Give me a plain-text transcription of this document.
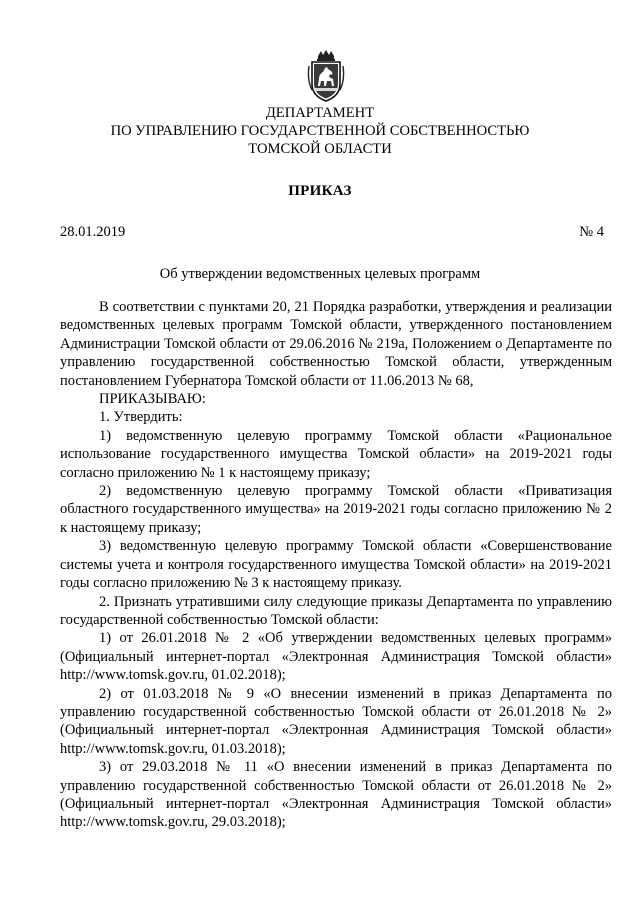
ДЕПАРТАМЕНТ
ПО УПРАВЛЕНИЮ ГОСУДАРСТВЕННОЙ СОБСТВЕННОСТЬЮ
ТОМСКОЙ ОБЛАСТИ
ПРИКАЗ
28.01.2019	№ 4
Об утверждении ведомственных целевых программ

В соответствии с пунктами 20, 21 Порядка разработки, утверждения и реализации ведомственных целевых программ Томской области, утвержденного постановлением Администрации Томской области от 29.06.2016 № 219а, Положением о Департаменте по управлению государственной собственностью Томской области, утвержденным постановлением Губернатора Томской области от 11.06.2013 № 68,

ПРИКАЗЫВАЮ:

1. Утвердить:

1) ведомственную целевую программу Томской области «Рациональное использование государственного имущества Томской области» на 2019-2021 годы согласно приложению № 1 к настоящему приказу;

2) ведомственную целевую программу Томской области «Приватизация областного государственного имущества» на 2019-2021 годы согласно приложению № 2 к настоящему приказу;

3) ведомственную целевую программу Томской области «Совершенствование системы учета и контроля государственного имущества Томской области» на 2019-2021 годы согласно приложению № 3 к настоящему приказу.

2. Признать утратившими силу следующие приказы Департамента по управлению государственной собственностью Томской области:

1) от 26.01.2018 № 2 «Об утверждении ведомственных целевых программ» (Официальный интернет-портал «Электронная Администрация Томской области» http://www.tomsk.gov.ru, 01.02.2018);

2) от 01.03.2018 № 9 «О внесении изменений в приказ Департамента по управлению государственной собственностью Томской области от 26.01.2018 № 2» (Официальный интернет-портал «Электронная Администрация Томской области» http://www.tomsk.gov.ru, 01.03.2018);

3) от 29.03.2018 № 11 «О внесении изменений в приказ Департамента по управлению государственной собственностью Томской области от 26.01.2018 № 2» (Официальный интернет-портал «Электронная Администрация Томской области» http://www.tomsk.gov.ru, 29.03.2018);
